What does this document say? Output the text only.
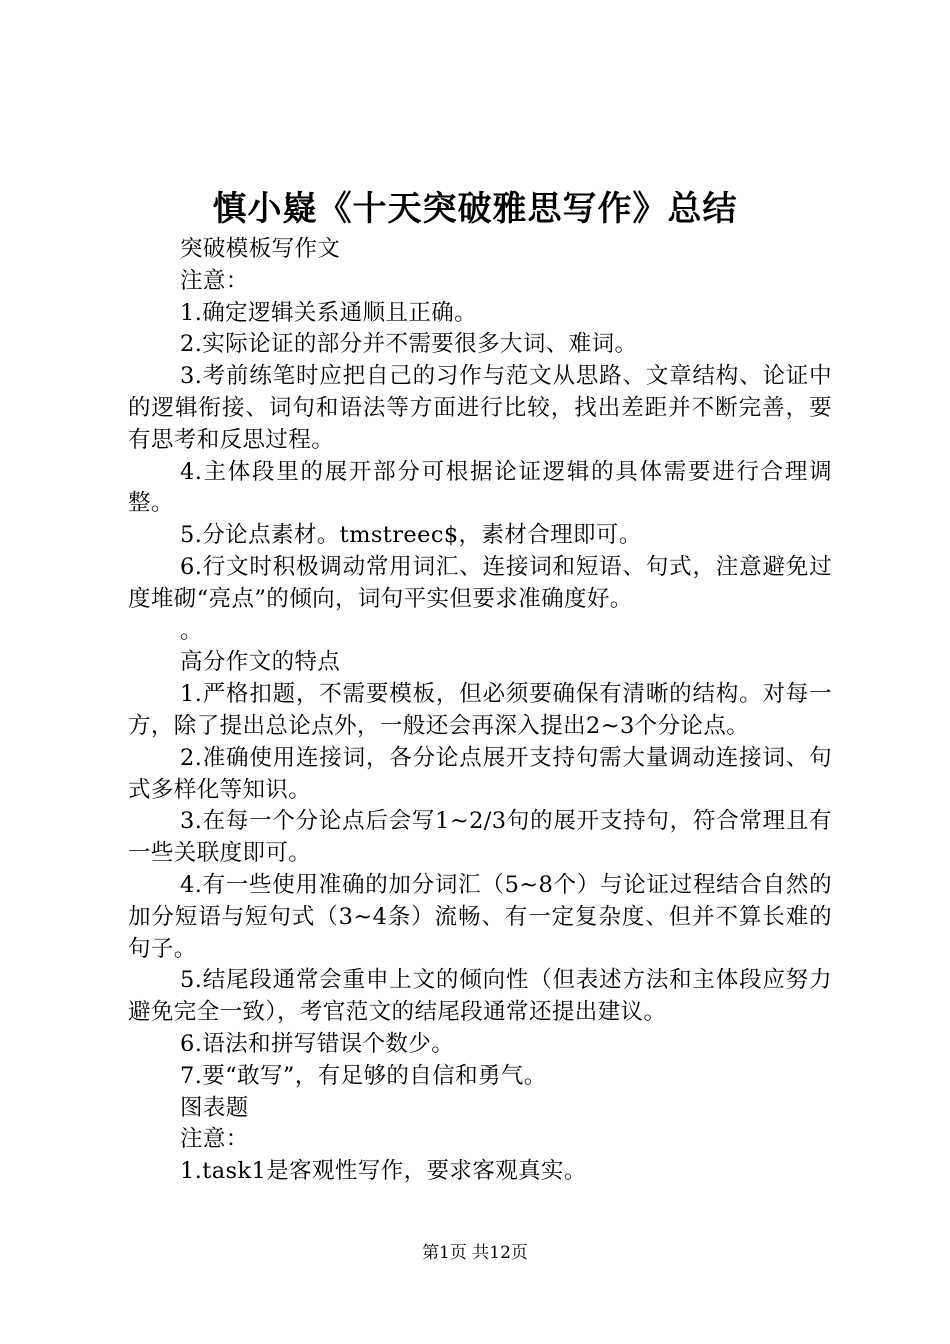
慎小嶷《十天突破雅思写作》总结

突破模板写作文

注意：

1.确定逻辑关系通顺且正确。

2.实际论证的部分并不需要很多大词、难词。

3.考前练笔时应把自己的习作与范文从思路、文章结构、论证中的逻辑衔接、词句和语法等方面进行比较，找出差距并不断完善，要有思考和反思过程。

4.主体段里的展开部分可根据论证逻辑的具体需要进行合理调整。

5.分论点素材。tmstreec$，素材合理即可。

6.行文时积极调动常用词汇、连接词和短语、句式，注意避免过度堆砌“亮点”的倾向，词句平实但要求准确度好。

。

高分作文的特点

1.严格扣题，不需要模板，但必须要确保有清晰的结构。对每一方，除了提出总论点外，一般还会再深入提出2~3个分论点。

2.准确使用连接词，各分论点展开支持句需大量调动连接词、句式多样化等知识。

3.在每一个分论点后会写1~2/3句的展开支持句，符合常理且有一些关联度即可。

4.有一些使用准确的加分词汇（5~8个）与论证过程结合自然的加分短语与短句式（3~4条）流畅、有一定复杂度、但并不算长难的句子。

5.结尾段通常会重申上文的倾向性（但表述方法和主体段应努力避免完全一致），考官范文的结尾段通常还提出建议。

6.语法和拼写错误个数少。

7.要“敢写”，有足够的自信和勇气。

图表题

注意：

1.task1是客观性写作，要求客观真实。

第1页 共12页
